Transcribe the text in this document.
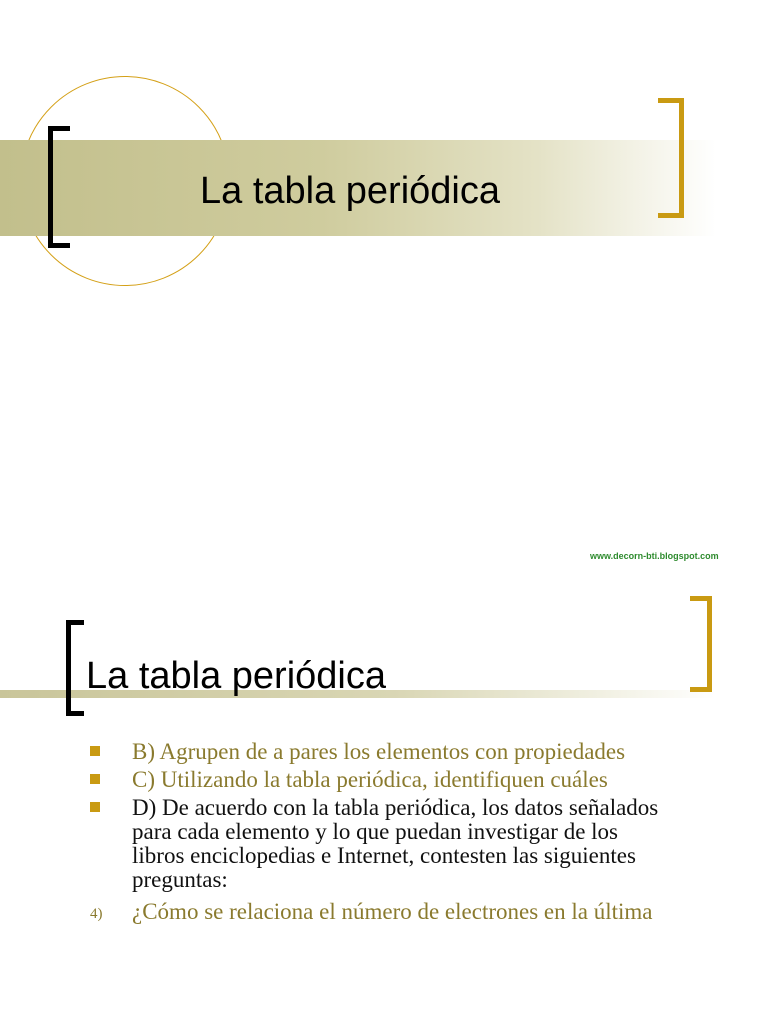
La tabla periódica
www.decorn-bti.blogspot.com
La tabla periódica
B) Agrupen de a pares los elementos con propiedades
C) Utilizando la tabla periódica, identifiquen cuáles
D) De acuerdo con la tabla periódica, los datos señalados para cada elemento y lo que puedan investigar de los libros enciclopedias e Internet, contesten las siguientes preguntas:
4) ¿Cómo se relaciona el número de electrones en la última
